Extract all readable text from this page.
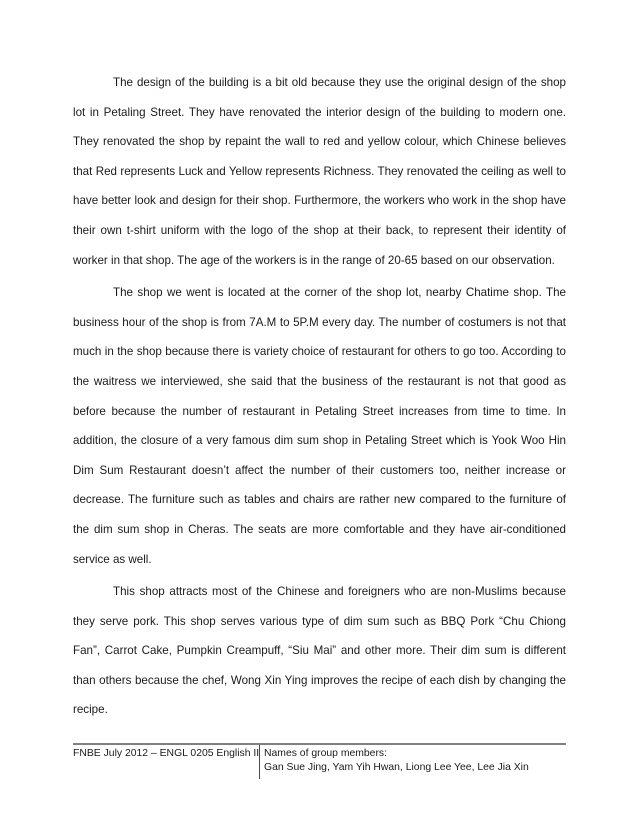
The design of the building is a bit old because they use the original design of the shop lot in Petaling Street. They have renovated the interior design of the building to modern one. They renovated the shop by repaint the wall to red and yellow colour, which Chinese believes that Red represents Luck and Yellow represents Richness. They renovated the ceiling as well to have better look and design for their shop. Furthermore, the workers who work in the shop have their own t-shirt uniform with the logo of the shop at their back, to represent their identity of worker in that shop. The age of the workers is in the range of 20-65 based on our observation.

The shop we went is located at the corner of the shop lot, nearby Chatime shop. The business hour of the shop is from 7A.M to 5P.M every day. The number of costumers is not that much in the shop because there is variety choice of restaurant for others to go too. According to the waitress we interviewed, she said that the business of the restaurant is not that good as before because the number of restaurant in Petaling Street increases from time to time. In addition, the closure of a very famous dim sum shop in Petaling Street which is Yook Woo Hin Dim Sum Restaurant doesn’t affect the number of their customers too, neither increase or decrease. The furniture such as tables and chairs are rather new compared to the furniture of the dim sum shop in Cheras. The seats are more comfortable and they have air-conditioned service as well.

This shop attracts most of the Chinese and foreigners who are non-Muslims because they serve pork. This shop serves various type of dim sum such as BBQ Pork “Chu Chiong Fan”, Carrot Cake, Pumpkin Creampuff, “Siu Mai” and other more. Their dim sum is different than others because the chef, Wong Xin Ying improves the recipe of each dish by changing the recipe.

FNBE July 2012 – ENGL 0205 English II Names of group members:
Gan Sue Jing, Yam Yih Hwan, Liong Lee Yee, Lee Jia Xin
